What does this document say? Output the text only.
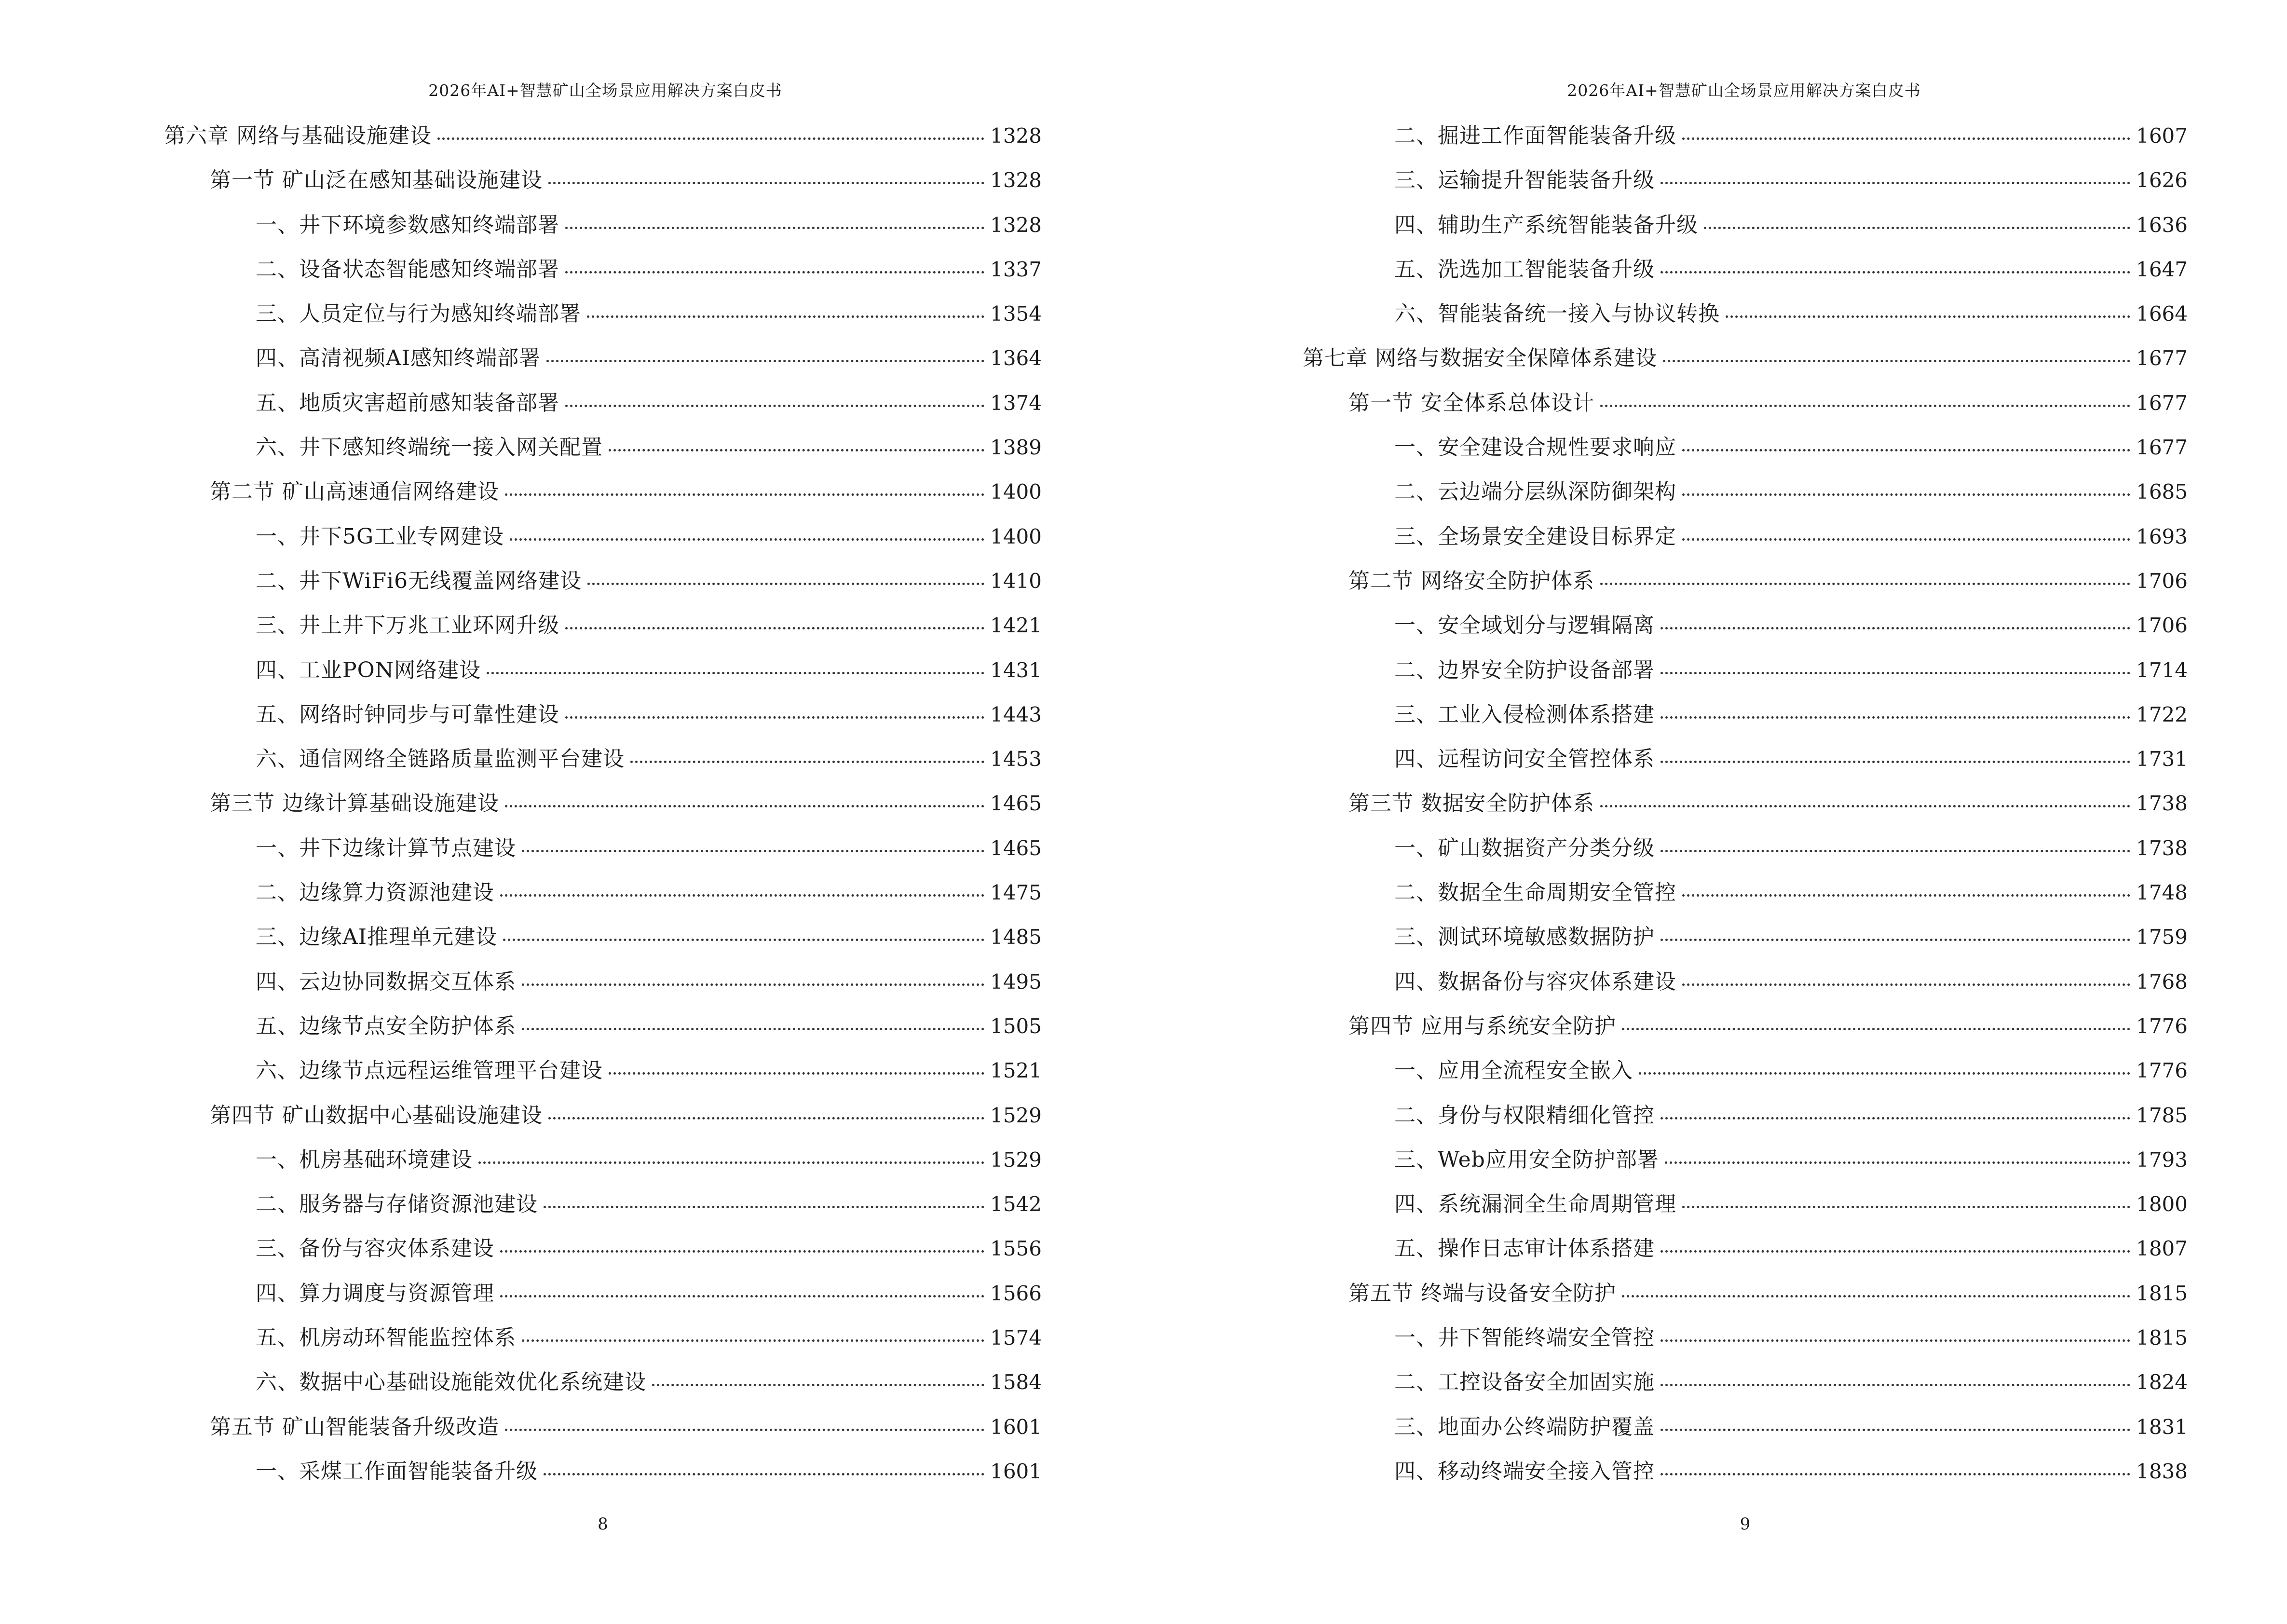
2026年AI+智慧矿山全场景应用解决方案白皮书
第六章 网络与基础设施建设	1328
第一节 矿山泛在感知基础设施建设	1328
一、井下环境参数感知终端部署	1328
二、设备状态智能感知终端部署	1337
三、人员定位与行为感知终端部署	1354
四、高清视频AI感知终端部署	1364
五、地质灾害超前感知装备部署	1374
六、井下感知终端统一接入网关配置	1389
第二节 矿山高速通信网络建设	1400
一、井下5G工业专网建设	1400
二、井下WiFi6无线覆盖网络建设	1410
三、井上井下万兆工业环网升级	1421
四、工业PON网络建设	1431
五、网络时钟同步与可靠性建设	1443
六、通信网络全链路质量监测平台建设	1453
第三节 边缘计算基础设施建设	1465
一、井下边缘计算节点建设	1465
二、边缘算力资源池建设	1475
三、边缘AI推理单元建设	1485
四、云边协同数据交互体系	1495
五、边缘节点安全防护体系	1505
六、边缘节点远程运维管理平台建设	1521
第四节 矿山数据中心基础设施建设	1529
一、机房基础环境建设	1529
二、服务器与存储资源池建设	1542
三、备份与容灾体系建设	1556
四、算力调度与资源管理	1566
五、机房动环智能监控体系	1574
六、数据中心基础设施能效优化系统建设	1584
第五节 矿山智能装备升级改造	1601
一、采煤工作面智能装备升级	1601
8
2026年AI+智慧矿山全场景应用解决方案白皮书
二、掘进工作面智能装备升级	1607
三、运输提升智能装备升级	1626
四、辅助生产系统智能装备升级	1636
五、洗选加工智能装备升级	1647
六、智能装备统一接入与协议转换	1664
第七章 网络与数据安全保障体系建设	1677
第一节 安全体系总体设计	1677
一、安全建设合规性要求响应	1677
二、云边端分层纵深防御架构	1685
三、全场景安全建设目标界定	1693
第二节 网络安全防护体系	1706
一、安全域划分与逻辑隔离	1706
二、边界安全防护设备部署	1714
三、工业入侵检测体系搭建	1722
四、远程访问安全管控体系	1731
第三节 数据安全防护体系	1738
一、矿山数据资产分类分级	1738
二、数据全生命周期安全管控	1748
三、测试环境敏感数据防护	1759
四、数据备份与容灾体系建设	1768
第四节 应用与系统安全防护	1776
一、应用全流程安全嵌入	1776
二、身份与权限精细化管控	1785
三、Web应用安全防护部署	1793
四、系统漏洞全生命周期管理	1800
五、操作日志审计体系搭建	1807
第五节 终端与设备安全防护	1815
一、井下智能终端安全管控	1815
二、工控设备安全加固实施	1824
三、地面办公终端防护覆盖	1831
四、移动终端安全接入管控	1838
9
